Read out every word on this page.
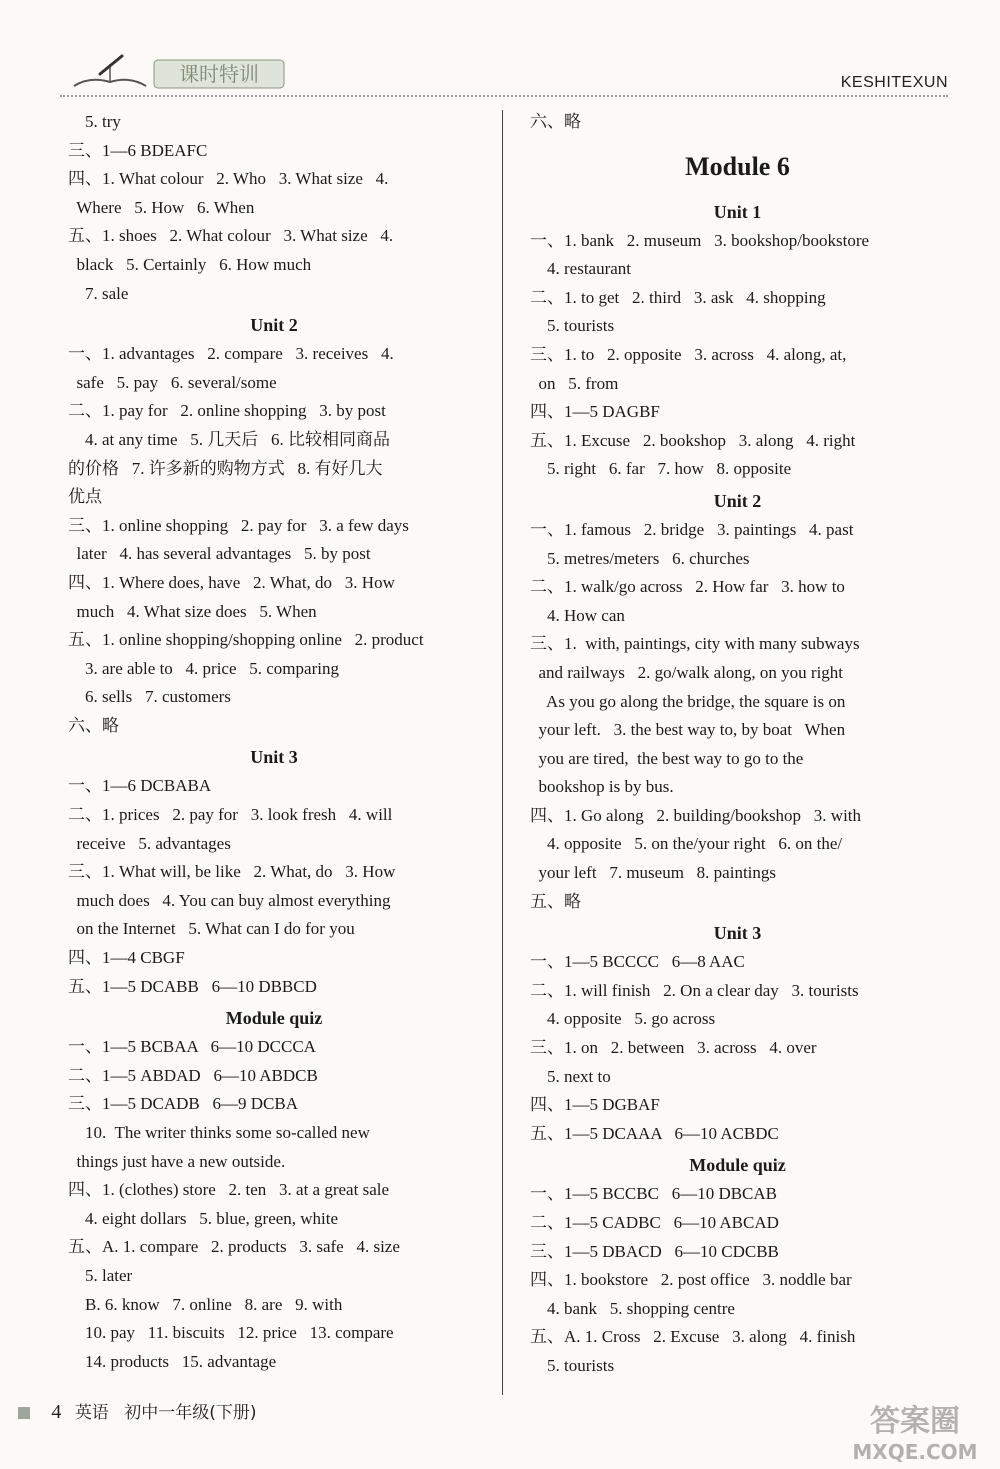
课时特训	KESHITEXUN
5. try
三、1—6 BDEAFC
四、1. What colour   2. Who   3. What size   4.
Where   5. How   6. When
五、1. shoes   2. What colour   3. What size   4.
black   5. Certainly   6. How much
7. sale
Unit 2
一、1. advantages   2. compare   3. receives   4.
safe   5. pay   6. several/some
二、1. pay for   2. online shopping   3. by post
4. at any time   5. 几天后   6. 比较相同商品
的价格   7. 许多新的购物方式   8. 有好几大
优点
三、1. online shopping   2. pay for   3. a few days
later   4. has several advantages   5. by post
四、1. Where does, have   2. What, do   3. How
much   4. What size does   5. When
五、1. online shopping/shopping online   2. product
3. are able to   4. price   5. comparing
6. sells   7. customers
六、略
Unit 3
一、1—6 DCBABA
二、1. prices   2. pay for   3. look fresh   4. will
receive   5. advantages
三、1. What will, be like   2. What, do   3. How
much does   4. You can buy almost everything
on the Internet   5. What can I do for you
四、1—4 CBGF
五、1—5 DCABB   6—10 DBBCD
Module quiz
一、1—5 BCBAA   6—10 DCCCA
二、1—5 ABDAD   6—10 ABDCB
三、1—5 DCADB   6—9 DCBA
10.  The writer thinks some so-called new
things just have a new outside.
四、1. (clothes) store   2. ten   3. at a great sale
4. eight dollars   5. blue, green, white
五、A. 1. compare   2. products   3. safe   4. size
5. later
B. 6. know   7. online   8. are   9. with
10. pay   11. biscuits   12. price   13. compare
14. products   15. advantage
六、略
Module 6
Unit 1
一、1. bank   2. museum   3. bookshop/bookstore
4. restaurant
二、1. to get   2. third   3. ask   4. shopping
5. tourists
三、1. to   2. opposite   3. across   4. along, at,
on   5. from
四、1—5 DAGBF
五、1. Excuse   2. bookshop   3. along   4. right
5. right   6. far   7. how   8. opposite
Unit 2
一、1. famous   2. bridge   3. paintings   4. past
5. metres/meters   6. churches
二、1. walk/go across   2. How far   3. how to
4. How can
三、1.  with, paintings, city with many subways
and railways   2. go/walk along, on you right
As you go along the bridge, the square is on
your left.   3. the best way to, by boat   When
you are tired,  the best way to go to the
bookshop is by bus.
四、1. Go along   2. building/bookshop   3. with
4. opposite   5. on the/your right   6. on the/
your left   7. museum   8. paintings
五、略
Unit 3
一、1—5 BCCCC   6—8 AAC
二、1. will finish   2. On a clear day   3. tourists
4. opposite   5. go across
三、1. on   2. between   3. across   4. over
5. next to
四、1—5 DGBAF
五、1—5 DCAAA   6—10 ACBDC
Module quiz
一、1—5 BCCBC   6—10 DBCAB
二、1—5 CADBC   6—10 ABCAD
三、1—5 DBACD   6—10 CDCBB
四、1. bookstore   2. post office   3. noddle bar
4. bank   5. shopping centre
五、A. 1. Cross   2. Excuse   3. along   4. finish
5. tourists
4 英语 初中一年级(下册)	答案圈
MXQE.COM
